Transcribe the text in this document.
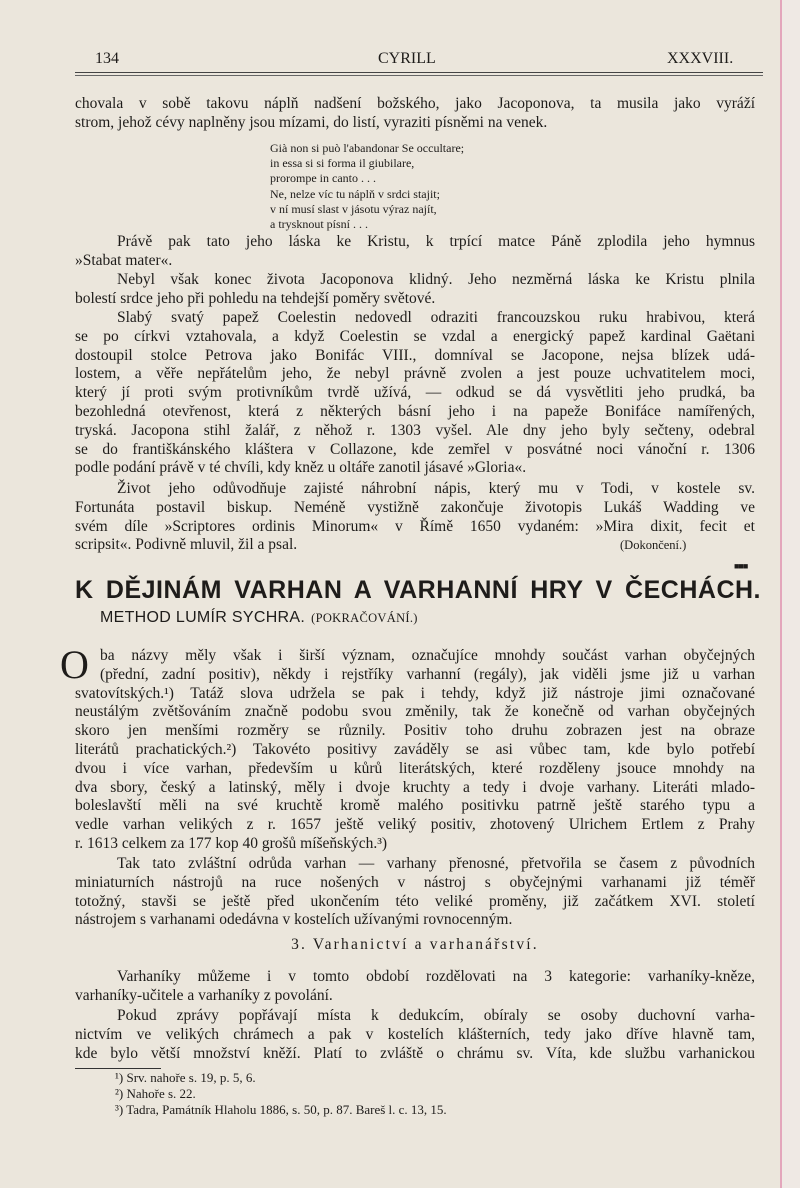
134	CYRILL	XXXVIII.
chovala v sobě takovu náplň nadšení božského, jako Jacoponova, ta musila jako vyráží
strom, jehož cévy naplněny jsou mízami, do listí, vyraziti písněmi na venek.
Già non si può l'abandonar Se occultare;
in essa si si forma il giubilare,
prorompe in canto . . .
Ne, nelze víc tu náplň v srdci stajit;
v ní musí slast v jásotu výraz najít,
a trysknout písní . . .
Právě pak tato jeho láska ke Kristu, k trpící matce Páně zplodila jeho hymnus
»Stabat mater«.
Nebyl však konec života Jacoponova klidný. Jeho nezměrná láska ke Kristu plnila
bolestí srdce jeho při pohledu na tehdejší poměry světové.
Slabý svatý papež Coelestin nedovedl odraziti francouzskou ruku hrabivou, která
se po církvi vztahovala, a když Coelestin se vzdal a energický papež kardinal Gaëtani
dostoupil stolce Petrova jako Bonifác VIII., domníval se Jacopone, nejsa blízek udá-
lostem, a věře nepřátelům jeho, že nebyl právně zvolen a jest pouze uchvatitelem moci,
který jí proti svým protivníkům tvrdě užívá, — odkud se dá vysvětliti jeho prudká, ba
bezohledná otevřenost, která z některých básní jeho i na papeže Bonifáce namířených,
tryská. Jacopona stihl žalář, z něhož r. 1303 vyšel. Ale dny jeho byly sečteny, odebral
se do františkánského kláštera v Collazone, kde zemřel v posvátné noci vánoční r. 1306
podle podání právě v té chvíli, kdy kněz u oltáře zanotil jásavé »Gloria«.
Život jeho odůvodňuje zajisté náhrobní nápis, který mu v Todi, v kostele sv.
Fortunáta postavil biskup. Neméně vystižně zakončuje životopis Lukáš Wadding ve
svém díle »Scriptores ordinis Minorum« v Římě 1650 vydaném: »Mira dixit, fecit et
scripsit«. Podivně mluvil, žil a psal.	(Dokončení.)
■■■
K DĚJINÁM VARHAN A VARHANNÍ HRY V ČECHÁCH.
METHOD LUMÍR SYCHRA. (POKRAČOVÁNÍ.)
O ba názvy měly však i širší význam, označujíce mnohdy součást varhan obyčejných
(přední, zadní positiv), někdy i rejstříky varhanní (regály), jak viděli jsme již u varhan
svatovítských.¹) Tatáž slova udržela se pak i tehdy, když již nástroje jimi označované
neustálým zvětšováním značně podobu svou změnily, tak že konečně od varhan obyčejných
skoro jen menšími rozměry se různily. Positiv toho druhu zobrazen jest na obraze
literátů prachatických.²) Takovéto positivy zaváděly se asi vůbec tam, kde bylo potřebí
dvou i více varhan, především u kůrů literátských, které rozděleny jsouce mnohdy na
dva sbory, český a latinský, měly i dvoje kruchty a tedy i dvoje varhany. Literáti mlado-
boleslavští měli na své kruchtě kromě malého positivku patrně ještě starého typu a
vedle varhan velikých z r. 1657 ještě veliký positiv, zhotovený Ulrichem Ertlem z Prahy
r. 1613 celkem za 177 kop 40 grošů míšeňských.³)
Tak tato zvláštní odrůda varhan — varhany přenosné, přetvořila se časem z původních
miniaturních nástrojů na ruce nošených v nástroj s obyčejnými varhanami již téměř
totožný, stavši se ještě před ukončením této veliké proměny, již začátkem XVI. století
nástrojem s varhanami odedávna v kostelích užívanými rovnocenným.
3. Varhanictví a varhanářství.
Varhaníky můžeme i v tomto období rozdělovati na 3 kategorie: varhaníky-kněze,
varhaníky-učitele a varhaníky z povolání.
Pokud zprávy popřávají místa k dedukcím, obíraly se osoby duchovní varha-
nictvím ve velikých chrámech a pak v kostelích klášterních, tedy jako dříve hlavně tam,
kde bylo větší množství kněží. Platí to zvláště o chrámu sv. Víta, kde službu varhanickou
¹) Srv. nahoře s. 19, p. 5, 6.
²) Nahoře s. 22.
³) Tadra, Památník Hlaholu 1886, s. 50, p. 87. Bareš l. c. 13, 15.
